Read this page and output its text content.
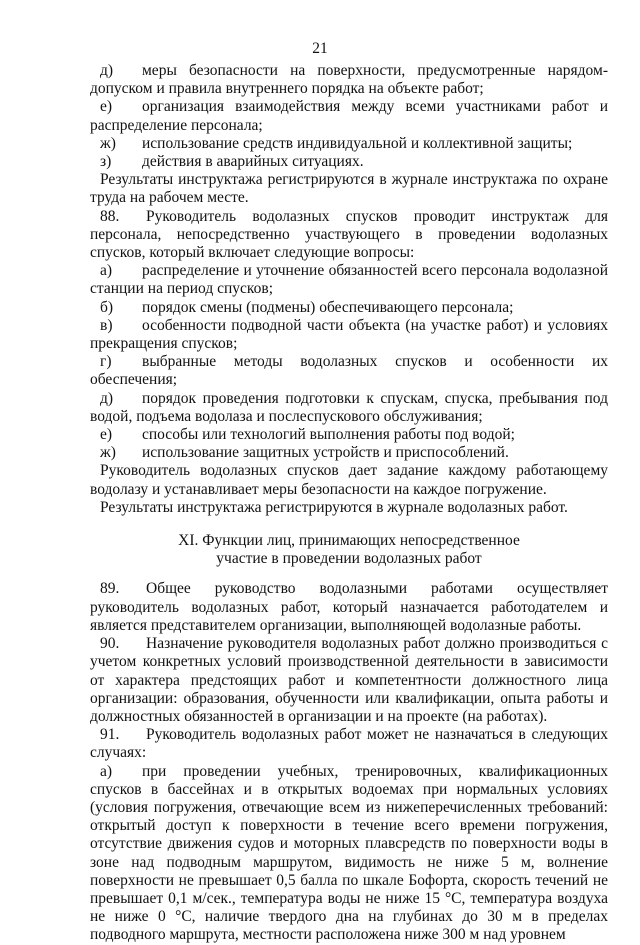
21

д) меры безопасности на поверхности, предусмотренные нарядом-допуском и правила внутреннего порядка на объекте работ;

е) организация взаимодействия между всеми участниками работ и распределение персонала;

ж) использование средств индивидуальной и коллективной защиты;

з) действия в аварийных ситуациях.

Результаты инструктажа регистрируются в журнале инструктажа по охране труда на рабочем месте.

88. Руководитель водолазных спусков проводит инструктаж для персонала, непосредственно участвующего в проведении водолазных спусков, который включает следующие вопросы:

а) распределение и уточнение обязанностей всего персонала водолазной станции на период спусков;

б) порядок смены (подмены) обеспечивающего персонала;

в) особенности подводной части объекта (на участке работ) и условиях прекращения спусков;

г) выбранные методы водолазных спусков и особенности их обеспечения;

д) порядок проведения подготовки к спускам, спуска, пребывания под водой, подъема водолаза и послеспускового обслуживания;

е) способы или технологий выполнения работы под водой;

ж) использование защитных устройств и приспособлений.

Руководитель водолазных спусков дает задание каждому работающему водолазу и устанавливает меры безопасности на каждое погружение.

Результаты инструктажа регистрируются в журнале водолазных работ.

XI. Функции лиц, принимающих непосредственное

участие в проведении водолазных работ

89. Общее руководство водолазными работами осуществляет руководитель водолазных работ, который назначается работодателем и является представителем организации, выполняющей водолазные работы.

90. Назначение руководителя водолазных работ должно производиться с учетом конкретных условий производственной деятельности в зависимости от характера предстоящих работ и компетентности должностного лица организации: образования, обученности или квалификации, опыта работы и должностных обязанностей в организации и на проекте (на работах).

91. Руководитель водолазных работ может не назначаться в следующих случаях:

а) при проведении учебных, тренировочных, квалификационных спусков в бассейнах и в открытых водоемах при нормальных условиях (условия погружения, отвечающие всем из нижеперечисленных требований: открытый доступ к поверхности в течение всего времени погружения, отсутствие движения судов и моторных плавсредств по поверхности воды в зоне над подводным маршрутом, видимость не ниже 5 м, волнение поверхности не превышает 0,5 балла по шкале Бофорта, скорость течений не превышает 0,1 м/сек., температура воды не ниже 15 °С, температура воздуха не ниже 0 °С, наличие твердого дна на глубинах до 30 м в пределах подводного маршрута, местности расположена ниже 300 м над уровнем
